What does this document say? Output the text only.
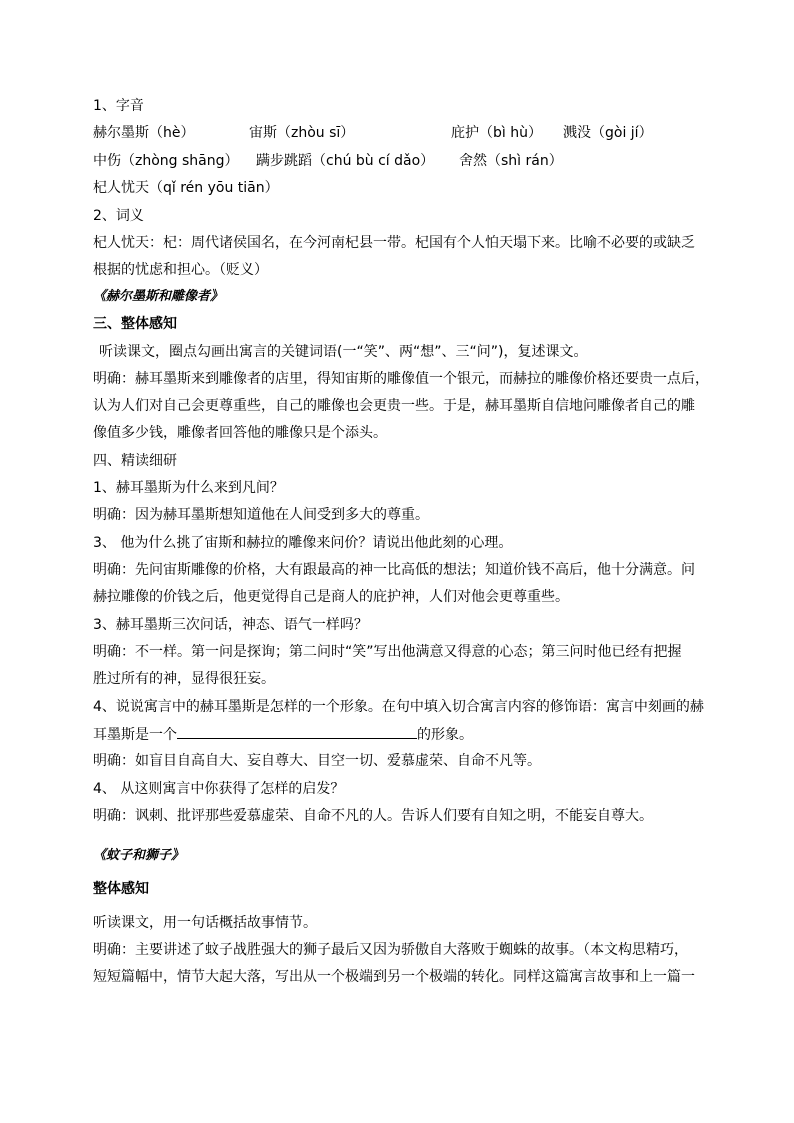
1、字音
赫尔墨斯（hè）	宙斯（zhòu sī）	庇护（bì hù） 溅没（gòi jí）
中伤（zhòng shāng） 蹒步跳蹈（chú bù cí dǎo） 舍然（shì rán）
杞人忧天（qǐ rén yōu tiān）
2、词义
杞人忧天：杞：周代诸侯国名，在今河南杞县一带。杞国有个人怕天塌下来。比喻不必要的或缺乏
根据的忧虑和担心。（贬义）
《赫尔墨斯和雕像者》
三、整体感知
听读课文，圈点勾画出寓言的关键词语(一“笑”、两“想”、三“问”)，复述课文。
明确：赫耳墨斯来到雕像者的店里，得知宙斯的雕像值一个银元，而赫拉的雕像价格还要贵一点后，
认为人们对自己会更尊重些，自己的雕像也会更贵一些。于是，赫耳墨斯自信地问雕像者自己的雕
像值多少钱，雕像者回答他的雕像只是个添头。
四、精读细研
1、赫耳墨斯为什么来到凡间？
明确：因为赫耳墨斯想知道他在人间受到多大的尊重。
3、 他为什么挑了宙斯和赫拉的雕像来问价？请说出他此刻的心理。
明确：先问宙斯雕像的价格，大有跟最高的神一比高低的想法；知道价钱不高后，他十分满意。问
赫拉雕像的价钱之后，他更觉得自己是商人的庇护神，人们对他会更尊重些。
3、赫耳墨斯三次问话，神态、语气一样吗？
明确：不一样。第一问是探询；第二问时“笑”写出他满意又得意的心态；第三问时他已经有把握
胜过所有的神，显得很狂妄。
4、说说寓言中的赫耳墨斯是怎样的一个形象。在句中填入切合寓言内容的修饰语：寓言中刻画的赫
耳墨斯是一个	的形象。
明确：如盲目自高自大、妄自尊大、目空一切、爱慕虚荣、自命不凡等。
4、 从这则寓言中你获得了怎样的启发？
明确：讽刺、批评那些爱慕虚荣、自命不凡的人。告诉人们要有自知之明，不能妄自尊大。
《蚊子和狮子》
整体感知
听读课文，用一句话概括故事情节。
明确：主要讲述了蚊子战胜强大的狮子最后又因为骄傲自大落败于蜘蛛的故事。（本文构思精巧，
短短篇幅中，情节大起大落，写出从一个极端到另一个极端的转化。同样这篇寓言故事和上一篇一
